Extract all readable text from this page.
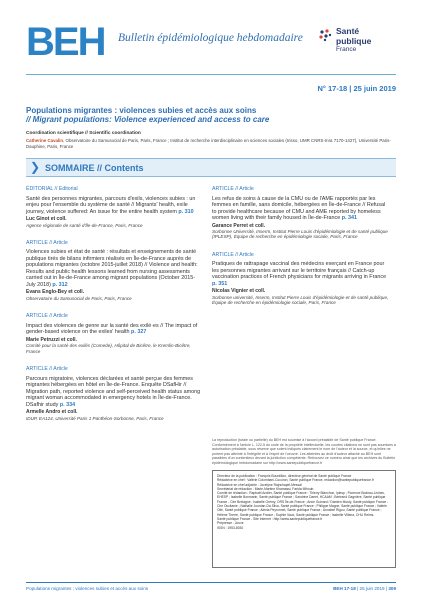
BEH Bulletin épidémiologique hebdomadaire
Santé
publique
France
N° 17-18 | 25 juin 2019
Populations migrantes : violences subies et accès aux soins
// Migrant populations: Violence experienced and access to care
Coordination scientifique // Scientific coordination
Catherine Cavalin, Observatoire du Samusocial de Paris, Paris, France ; Institut de recherche interdisciplinaire en sciences sociales (Irisso, UMR CNRS-Inra 7170-1427), Université Paris-Dauphine, Paris, France
❯ SOMMAIRE // Contents
ÉDITORIAL // Editorial
Santé des personnes migrantes, parcours d'exils, violences subies : un enjeu pour l'ensemble du système de santé // Migrants' health, exile journey, violence suffered: An issue for the entire health system p. 310
Luc Ginot et coll.
Agence régionale de santé d'Île-de-France, Paris, France
ARTICLE // Article
Violences subies et état de santé : résultats et enseignements de santé publique tirés de bilans infirmiers réalisés en Île-de-France auprès de populations migrantes (octobre 2015-juillet 2018) // Violence and health: Results and public health lessons learned from nursing assessments carried out in Île-de-France among migrant populations (October 2015-July 2018) p. 312
Evans Englo-Bey et coll.
Observatoire du Samusocial de Paris, Paris, France
ARTICLE // Article
Impact des violences de genre sur la santé des exilé·es // The impact of gender-based violence on the exiles' health p. 327
Marie Petruzzi et coll.
Comité pour la santé des exilés (Comede), Hôpital de Bicêtre, le Kremlin-Bicêtre, France
ARTICLE // Article
Parcours migratoire, violences déclarées et santé perçue des femmes migrantes hébergées en hôtel en Île-de-France. Enquête DSafHir // Migration path, reported violence and self-perceived health status among migrant woman accommodated in emergency hotels in Île-de-France. DSafhir study p. 334
Armelle Andro et coll.
IDUP, EA124, Université Paris 1 Panthéon-Sorbonne, Paris, France
ARTICLE // Article
Les refus de soins à cause de la CMU ou de l'AME rapportés par les femmes en famille, sans domicile, hébergées en Île-de-France // Refusal to provide healthcare because of CMU and AME reported by homeless women living with their family housed in Île-de-France p. 341
Garance Perret et coll.
Sorbonne Université, Inserm, Institut Pierre Louis d'épidémiologie et de santé publique (IPLESP), Équipe de recherche en épidémiologie sociale, Paris, France
ARTICLE // Article
Pratiques de rattrapage vaccinal des médecins exerçant en France pour les personnes migrantes arrivant sur le territoire français // Catch-up vaccination practices of French physicians for migrants arriving in France p. 351
Nicolas Vignier et coll.
Sorbonne université, Inserm, Institut Pierre Louis d'épidémiologie et de santé publique, Équipe de recherche en épidémiologie sociale, Paris, France
La reproduction (totale ou partielle) du BEH est soumise à l'accord préalable de Santé publique France. Conformément à l'article L. 122-5 du code de la propriété intellectuelle, les courtes citations ne sont pas soumises à autorisation préalable, sous réserve que soient indiqués clairement le nom de l'auteur et la source, et qu'elles ne portent pas atteinte à l'intégrité et à l'esprit de l'oeuvre. Les atteintes au droit d'auteur attaché au BEH sont passibles d'un contentieux devant la juridiction compétente. Retrouvez ce numéro ainsi que les archives du Bulletin épidémiologique hebdomadaire sur http://www.santepubliquefrance.fr
Directeur de la publication : François Bourdillon, directeur général de Santé publique France
Rédactrice en chef : Valérie Colombani-Cocuron, Santé publique France, redaction@santepubliquefrance.fr
Rédactrice en chef adjointe : Jocelyne Rajnchapel-Messaï
Secrétariat de rédaction : Marie-Martine Khamassi, Farida Mihoub
Comité de rédaction : Raphaël Andler, Santé publique France ; Thierry Blanchon, Iplesp ; Florence Bodeau-Livinec, EHESP ; Isabelle Bonmarin, Santé publique France ; Sandrine Danet, HCAAM ; Bertrand Gagnière, Santé publique France - Cire Bretagne ; Isabelle Grémy, ORS Île-de-France ; Anne Guinard / Damien Mouly, Santé publique France - Cire Occitanie ; Nathalie Jourdan-Da Silva, Santé publique France ; Philippe Magne, Santé publique France ; Valérie Olié, Santé publique France ; Alexia Peyronnet, Santé publique France ; Annabel Rigou, Santé publique France ; Hélène Therre, Santé publique France ; Sophie Vaux, Santé publique France ; Isabelle Villena, CHU Reims.
Santé publique France - Site Internet : http://www.santepubliquefrance.fr
Prépresse : Jouve
ISSN : 1953-8030
Populations migrantes : violences subies et accès aux soins	BEH 17-18 | 25 juin 2019 | 309
